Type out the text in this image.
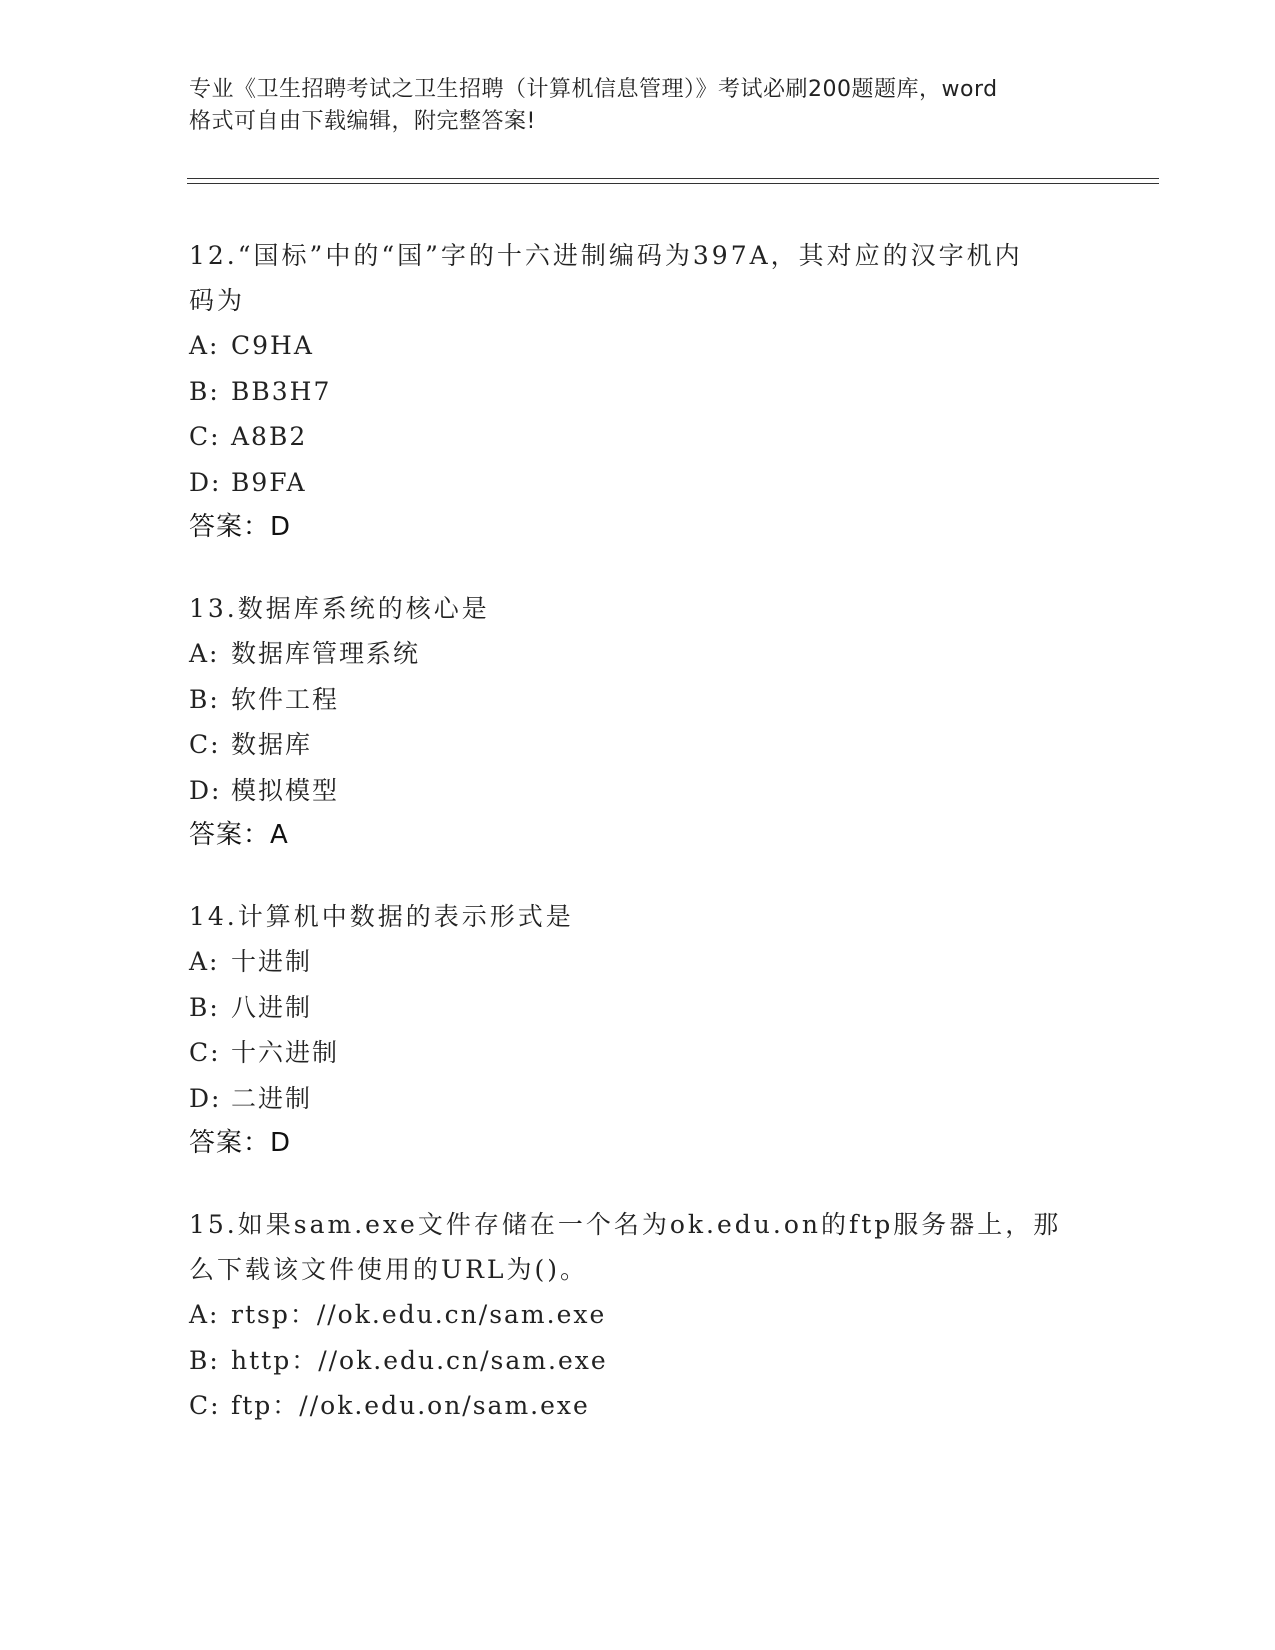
专业《卫生招聘考试之卫生招聘（计算机信息管理）》考试必刷200题题库，word
格式可自由下载编辑，附完整答案!

12.“国标”中的“国”字的十六进制编码为397A，其对应的汉字机内

码为

A: C9HA

B: BB3H7

C: A8B2

D: B9FA

答案：D

13.数据库系统的核心是

A: 数据库管理系统

B: 软件工程

C: 数据库

D: 模拟模型

答案：A

14.计算机中数据的表示形式是

A: 十进制

B: 八进制

C: 十六进制

D: 二进制

答案：D

15.如果sam.exe文件存储在一个名为ok.edu.on的ftp服务器上，那

么下载该文件使用的URL为()。

A: rtsp：//ok.edu.cn/sam.exe

B: http：//ok.edu.cn/sam.exe

C: ftp：//ok.edu.on/sam.exe
